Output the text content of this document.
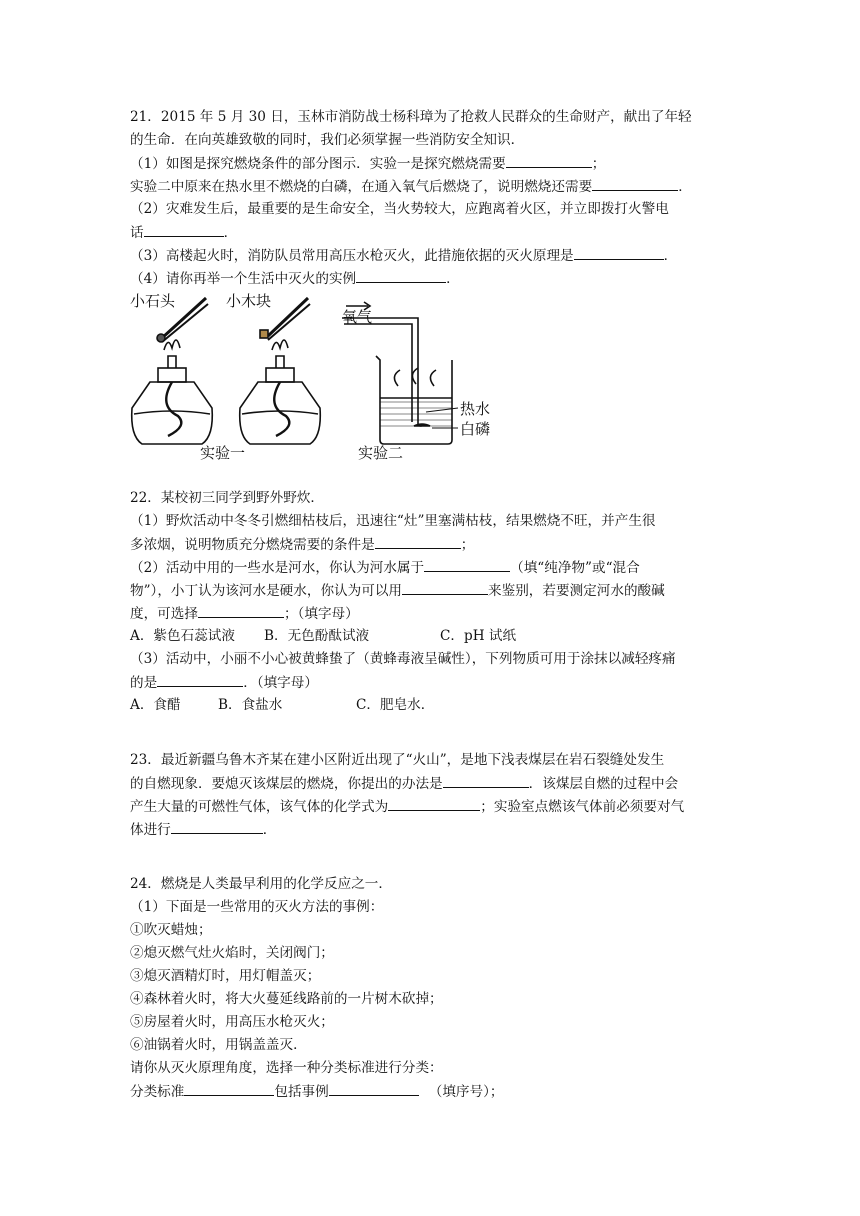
21．2015 年 5 月 30 日，玉林市消防战士杨科璋为了抢救人民群众的生命财产，献出了年轻
的生命．在向英雄致敬的同时，我们必须掌握一些消防安全知识．
（1）如图是探究燃烧条件的部分图示．实验一是探究燃烧需要	；
实验二中原来在热水里不燃烧的白磷，在通入氧气后燃烧了，说明燃烧还需要	．
（2）灾难发生后，最重要的是生命安全，当火势较大，应跑离着火区，并立即拨打火警电
话	．
（3）高楼起火时，消防队员常用高压水枪灭火，此措施依据的灭火原理是	．
（4）请你再举一个生活中灭火的实例	．
小石头	小木块
氧气
热水
白磷
实验一	实验二
22．某校初三同学到野外野炊．
（1）野炊活动中冬冬引燃细枯枝后，迅速往“灶”里塞满枯枝，结果燃烧不旺，并产生很
多浓烟，说明物质充分燃烧需要的条件是	；
（2）活动中用的一些水是河水，你认为河水属于	（填“纯净物”或“混合
物”），小丁认为该河水是硬水，你认为可以用	来鉴别，若要测定河水的酸碱
度，可选择	；（填字母）
A．紫色石蕊试液 B．无色酚酞试液	C．pH 试纸
（3）活动中，小丽不小心被黄蜂蛰了（黄蜂毒液呈碱性），下列物质可用于涂抹以减轻疼痛
的是	．（填字母）
A．食醋	B．食盐水	C．肥皂水．
23．最近新疆乌鲁木齐某在建小区附近出现了“火山”，是地下浅表煤层在岩石裂缝处发生
的自燃现象．要熄灭该煤层的燃烧，你提出的办法是	．该煤层自燃的过程中会
产生大量的可燃性气体，该气体的化学式为	；实验室点燃该气体前必须要对气
体进行	．
24．燃烧是人类最早利用的化学反应之一．
（1）下面是一些常用的灭火方法的事例：
①吹灭蜡烛；
②熄灭燃气灶火焰时，关闭阀门；
③熄灭酒精灯时，用灯帽盖灭；
④森林着火时，将大火蔓延线路前的一片树木砍掉；
⑤房屋着火时，用高压水枪灭火；
⑥油锅着火时，用锅盖盖灭．
请你从灭火原理角度，选择一种分类标准进行分类：
分类标准	包括事例	（填序号）；
